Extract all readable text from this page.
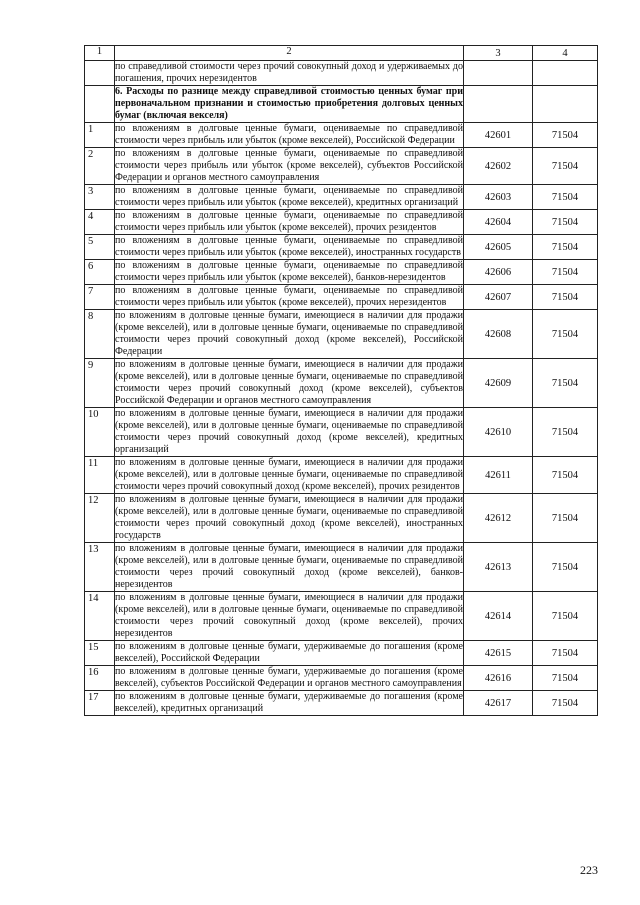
1	2	3	4
	по справедливой стоимости через прочий совокупный доход и удерживаемых до погашения, прочих нерезидентов		
	6. Расходы по разнице между справедливой стоимостью ценных бумаг при первоначальном признании и стоимостью приобретения долговых ценных бумаг (включая векселя)		
1	по вложениям в долговые ценные бумаги, оцениваемые по справедливой стоимости через прибыль или убыток (кроме векселей), Российской Федерации	42601	71504
2	по вложениям в долговые ценные бумаги, оцениваемые по справедливой стоимости через прибыль или убыток (кроме векселей), субъектов Российской Федерации и органов местного самоуправления	42602	71504
3	по вложениям в долговые ценные бумаги, оцениваемые по справедливой стоимости через прибыль или убыток (кроме векселей), кредитных организаций	42603	71504
4	по вложениям в долговые ценные бумаги, оцениваемые по справедливой стоимости через прибыль или убыток (кроме векселей), прочих резидентов	42604	71504
5	по вложениям в долговые ценные бумаги, оцениваемые по справедливой стоимости через прибыль или убыток (кроме векселей), иностранных государств	42605	71504
6	по вложениям в долговые ценные бумаги, оцениваемые по справедливой стоимости через прибыль или убыток (кроме векселей), банков-нерезидентов	42606	71504
7	по вложениям в долговые ценные бумаги, оцениваемые по справедливой стоимости через прибыль или убыток (кроме векселей), прочих нерезидентов	42607	71504
8	по вложениям в долговые ценные бумаги, имеющиеся в наличии для продажи (кроме векселей), или в долговые ценные бумаги, оцениваемые по справедливой стоимости через прочий совокупный доход (кроме векселей), Российской Федерации	42608	71504
9	по вложениям в долговые ценные бумаги, имеющиеся в наличии для продажи (кроме векселей), или в долговые ценные бумаги, оцениваемые по справедливой стоимости через прочий совокупный доход (кроме векселей), субъектов Российской Федерации и органов местного самоуправления	42609	71504
10	по вложениям в долговые ценные бумаги, имеющиеся в наличии для продажи (кроме векселей), или в долговые ценные бумаги, оцениваемые по справедливой стоимости через прочий совокупный доход (кроме векселей), кредитных организаций	42610	71504
11	по вложениям в долговые ценные бумаги, имеющиеся в наличии для продажи (кроме векселей), или в долговые ценные бумаги, оцениваемые по справедливой стоимости через прочий совокупный доход (кроме векселей), прочих резидентов	42611	71504
12	по вложениям в долговые ценные бумаги, имеющиеся в наличии для продажи (кроме векселей), или в долговые ценные бумаги, оцениваемые по справедливой стоимости через прочий совокупный доход (кроме векселей), иностранных государств	42612	71504
13	по вложениям в долговые ценные бумаги, имеющиеся в наличии для продажи (кроме векселей), или в долговые ценные бумаги, оцениваемые по справедливой стоимости через прочий совокупный доход (кроме векселей), банков-нерезидентов	42613	71504
14	по вложениям в долговые ценные бумаги, имеющиеся в наличии для продажи (кроме векселей), или в долговые ценные бумаги, оцениваемые по справедливой стоимости через прочий совокупный доход (кроме векселей), прочих нерезидентов	42614	71504
15	по вложениям в долговые ценные бумаги, удерживаемые до погашения (кроме векселей), Российской Федерации	42615	71504
16	по вложениям в долговые ценные бумаги, удерживаемые до погашения (кроме векселей), субъектов Российской Федерации и органов местного самоуправления	42616	71504
17	по вложениям в долговые ценные бумаги, удерживаемые до погашения (кроме векселей), кредитных организаций	42617	71504
223
